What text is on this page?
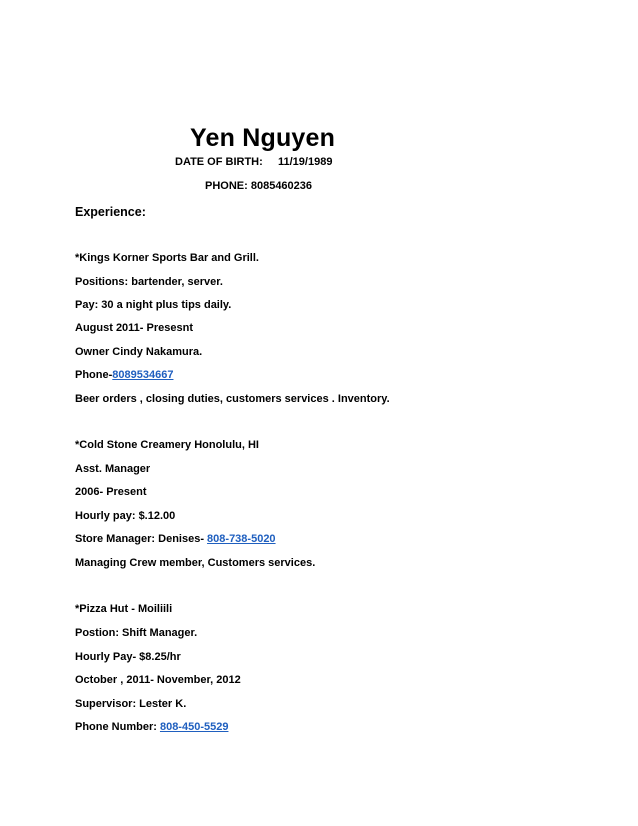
Yen Nguyen
DATE OF BIRTH: 11/19/1989
PHONE: 8085460236
Experience:
*Kings Korner Sports Bar and Grill.
Positions: bartender, server.
Pay: 30 a night plus tips daily.
August 2011- Presesnt
Owner Cindy Nakamura.
Phone-8089534667
Beer orders , closing duties, customers services . Inventory.
*Cold Stone Creamery Honolulu, HI
Asst. Manager
2006- Present
Hourly pay: $.12.00
Store Manager: Denises- 808-738-5020
Managing Crew member, Customers services.
*Pizza Hut - Moiliili
Postion: Shift Manager.
Hourly Pay- $8.25/hr
October , 2011- November, 2012
Supervisor: Lester K.
Phone Number: 808-450-5529
